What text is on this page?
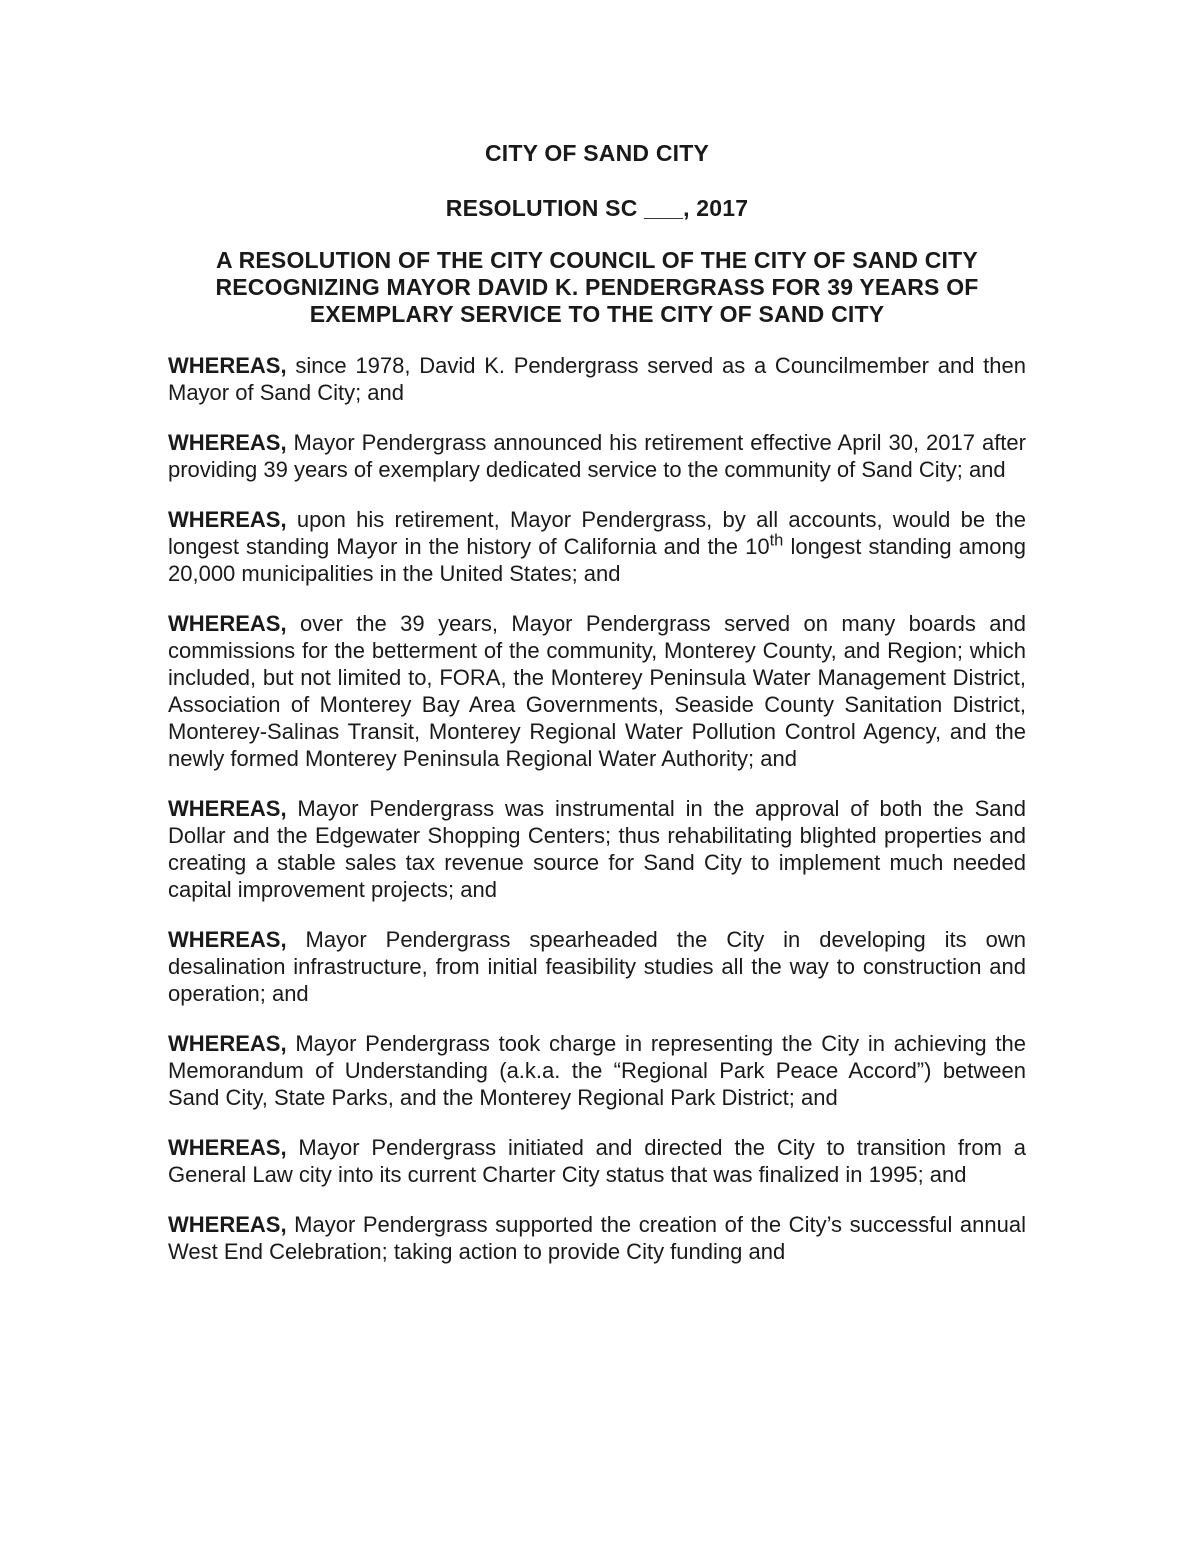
CITY OF SAND CITY
RESOLUTION SC ___, 2017
A RESOLUTION OF THE CITY COUNCIL OF THE CITY OF SAND CITY RECOGNIZING MAYOR DAVID K. PENDERGRASS FOR 39 YEARS OF EXEMPLARY SERVICE TO THE CITY OF SAND CITY

WHEREAS, since 1978, David K. Pendergrass served as a Councilmember and then Mayor of Sand City; and

WHEREAS, Mayor Pendergrass announced his retirement effective April 30, 2017 after providing 39 years of exemplary dedicated service to the community of Sand City; and

WHEREAS, upon his retirement, Mayor Pendergrass, by all accounts, would be the longest standing Mayor in the history of California and the 10th longest standing among 20,000 municipalities in the United States; and

WHEREAS, over the 39 years, Mayor Pendergrass served on many boards and commissions for the betterment of the community, Monterey County, and Region; which included, but not limited to, FORA, the Monterey Peninsula Water Management District, Association of Monterey Bay Area Governments, Seaside County Sanitation District, Monterey-Salinas Transit, Monterey Regional Water Pollution Control Agency, and the newly formed Monterey Peninsula Regional Water Authority; and

WHEREAS, Mayor Pendergrass was instrumental in the approval of both the Sand Dollar and the Edgewater Shopping Centers; thus rehabilitating blighted properties and creating a stable sales tax revenue source for Sand City to implement much needed capital improvement projects; and

WHEREAS, Mayor Pendergrass spearheaded the City in developing its own desalination infrastructure, from initial feasibility studies all the way to construction and operation; and

WHEREAS, Mayor Pendergrass took charge in representing the City in achieving the Memorandum of Understanding (a.k.a. the “Regional Park Peace Accord”) between Sand City, State Parks, and the Monterey Regional Park District; and

WHEREAS, Mayor Pendergrass initiated and directed the City to transition from a General Law city into its current Charter City status that was finalized in 1995; and

WHEREAS, Mayor Pendergrass supported the creation of the City’s successful annual West End Celebration; taking action to provide City funding and
